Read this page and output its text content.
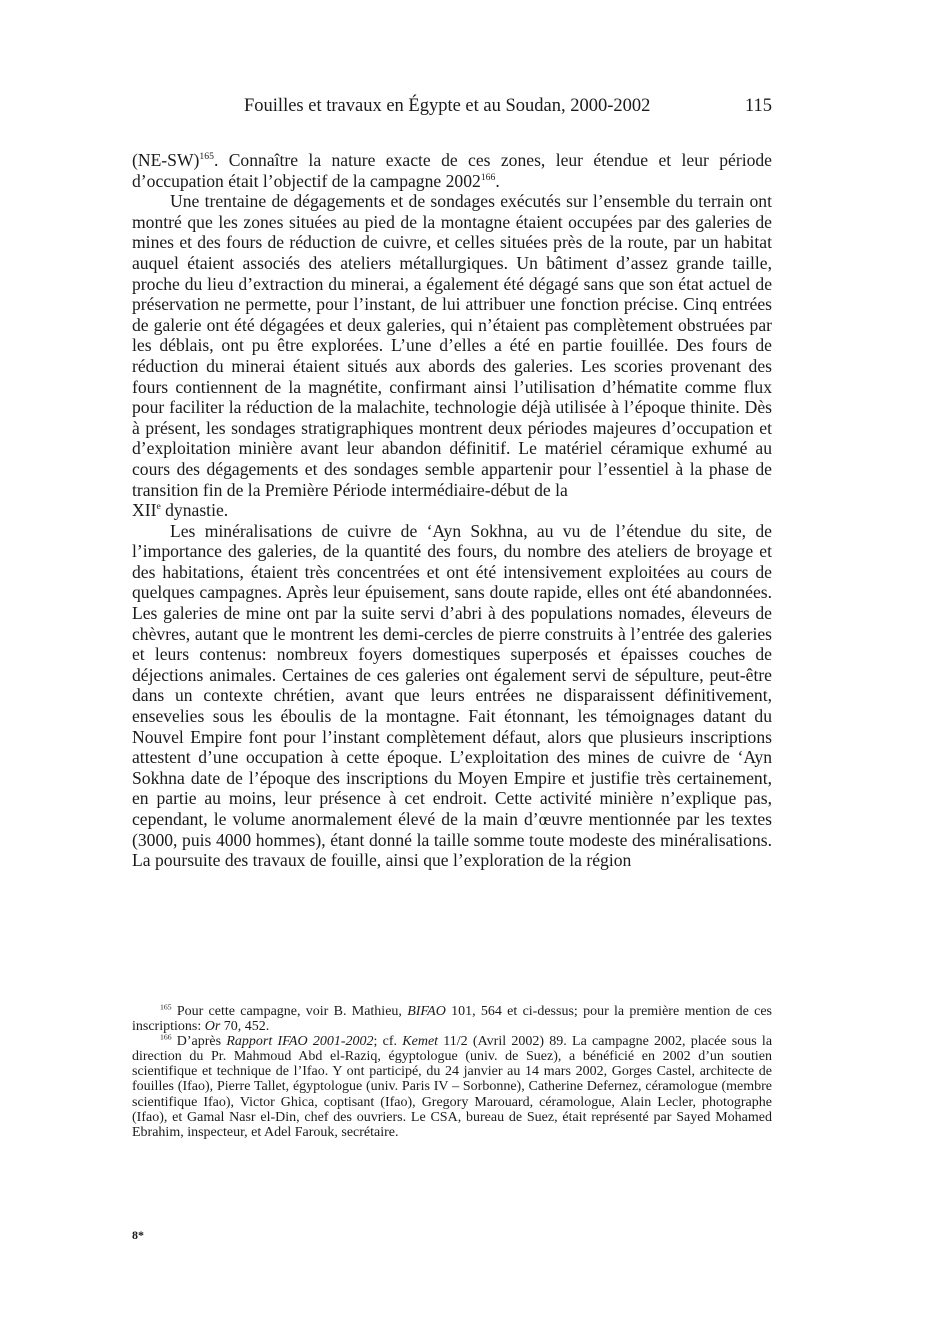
Fouilles et travaux en Égypte et au Soudan, 2000-2002	115

$(NE-SW)^{165}$. Connaître la nature exacte de ces zones, leur étendue et leur période d’occupation était l’objectif de la campagne 2002$^{166}$.

Une trentaine de dégagements et de sondages exécutés sur l’ensemble du terrain ont montré que les zones situées au pied de la montagne étaient occupées par des galeries de mines et des fours de réduction de cuivre, et celles situées près de la route, par un habitat auquel étaient associés des ateliers métallurgiques. Un bâtiment d’assez grande taille, proche du lieu d’extraction du minerai, a également été dégagé sans que son état actuel de préservation ne permette, pour l’instant, de lui attribuer une fonction précise. Cinq entrées de galerie ont été dégagées et deux galeries, qui n’étaient pas complètement obstruées par les déblais, ont pu être explorées. L’une d’elles a été en partie fouillée. Des fours de réduction du minerai étaient situés aux abords des galeries. Les scories provenant des fours contiennent de la magnétite, confirmant ainsi l’utilisation d’hématite comme flux pour faciliter la réduction de la malachite, technologie déjà utilisée à l’époque thinite. Dès à présent, les sondages stratigraphiques montrent deux périodes majeures d’occupation et d’exploitation minière avant leur abandon définitif. Le matériel céramique exhumé au cours des dégagements et des sondages semble appartenir pour l’essentiel à la phase de transition fin de la Première Période intermédiaire-début de la

XIIe dynastie.

Les minéralisations de cuivre de ‘Ayn Sokhna, au vu de l’étendue du site, de l’importance des galeries, de la quantité des fours, du nombre des ateliers de broyage et des habitations, étaient très concentrées et ont été intensivement exploitées au cours de quelques campagnes. Après leur épuisement, sans doute rapide, elles ont été abandonnées. Les galeries de mine ont par la suite servi d’abri à des populations nomades, éleveurs de chèvres, autant que le montrent les demi-cercles de pierre construits à l’entrée des galeries et leurs contenus: nombreux foyers domestiques superposés et épaisses couches de déjections animales. Certaines de ces galeries ont également servi de sépulture, peut-être dans un contexte chrétien, avant que leurs entrées ne disparaissent définitivement, ensevelies sous les éboulis de la montagne. Fait étonnant, les témoignages datant du Nouvel Empire font pour l’instant complètement défaut, alors que plusieurs inscriptions attestent d’une occupation à cette époque. L’exploitation des mines de cuivre de ‘Ayn Sokhna date de l’époque des inscriptions du Moyen Empire et justifie très certainement, en partie au moins, leur présence à cet endroit. Cette activité minière n’explique pas, cependant, le volume anormalement élevé de la main d’œuvre mentionnée par les textes (3000, puis 4000 hommes), étant donné la taille somme toute modeste des minéralisations. La poursuite des travaux de fouille, ainsi que l’exploration de la région

$^{165}$ Pour cette campagne, voir B. Mathieu, BIFAO 101, 564 et ci-dessus; pour la première mention de ces inscriptions: Or 70, 452.

$^{166}$ D’après Rapport IFAO 2001-2002; cf. Kemet 11/2 (Avril 2002) 89. La campagne 2002, placée sous la direction du Pr. Mahmoud Abd el-Raziq, égyptologue (univ. de Suez), a bénéficié en 2002 d’un soutien scientifique et technique de l’Ifao. Y ont participé, du 24 janvier au 14 mars 2002, Gorges Castel, architecte de fouilles (Ifao), Pierre Tallet, égyptologue (univ. Paris IV – Sorbonne), Catherine Defernez, céramologue (membre scientifique Ifao), Victor Ghica, coptisant (Ifao), Gregory Marouard, céramologue, Alain Lecler, photographe (Ifao), et Gamal Nasr el-Din, chef des ouvriers. Le CSA, bureau de Suez, était représenté par Sayed Mohamed Ebrahim, inspecteur, et Adel Farouk, secrétaire.

8*
